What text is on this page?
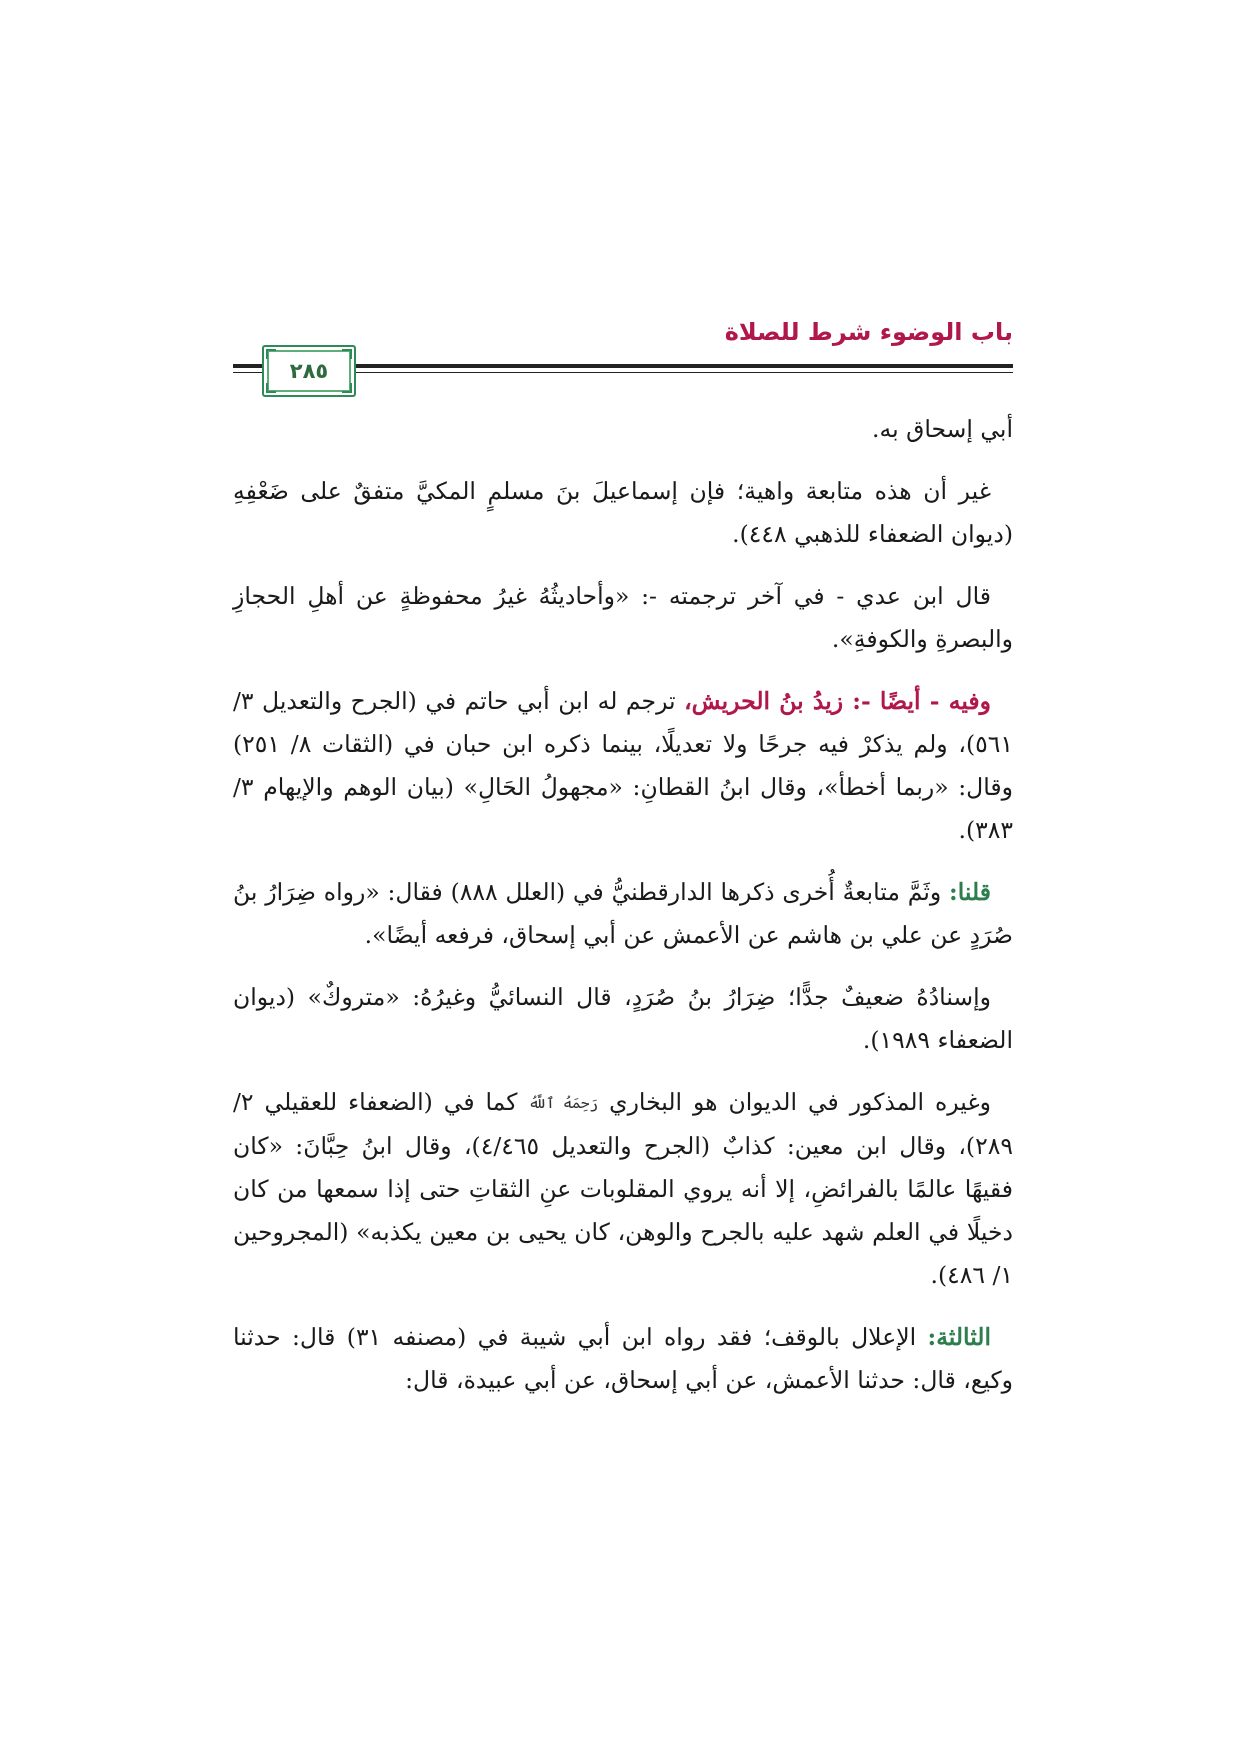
باب الوضوء شرط للصلاة
٢٨٥

أبي إسحاق به.

غير أن هذه متابعة واهية؛ فإن إسماعيلَ بنَ مسلمٍ المكيَّ متفقٌ على ضَعْفِهِ (ديوان الضعفاء للذهبي ٤٤٨).

قال ابن عدي - في آخر ترجمته -: «وأحاديثُهُ غيرُ محفوظةٍ عن أهلِ الحجازِ والبصرةِ والكوفةِ».

وفيه - أيضًا -: زيدُ بنُ الحريش، ترجم له ابن أبي حاتم في (الجرح والتعديل ٣/ ٥٦١)، ولم يذكرْ فيه جرحًا ولا تعديلًا، بينما ذكره ابن حبان في (الثقات ٨/ ٢٥١) وقال: «ربما أخطأ»، وقال ابنُ القطانِ: «مجهولُ الحَالِ» (بيان الوهم والإيهام ٣/ ٣٨٣).

قلنا: وثَمَّ متابعةٌ أُخرى ذكرها الدارقطنيُّ في (العلل ٨٨٨) فقال: «رواه ضِرَارُ بنُ صُرَدٍ عن علي بن هاشم عن الأعمش عن أبي إسحاق، فرفعه أيضًا».

وإسنادُهُ ضعيفٌ جدًّا؛ ضِرَارُ بنُ صُرَدٍ، قال النسائيُّ وغيرُهُ: «متروكٌ» (ديوان الضعفاء ١٩٨٩).

وغيره المذكور في الديوان هو البخاري رَحِمَهُ ٱللَّهُ كما في (الضعفاء للعقيلي ٢/ ٢٨٩)، وقال ابن معين: كذابٌ (الجرح والتعديل ٤/٤٦٥)، وقال ابنُ حِبَّانَ: «كان فقيهًا عالمًا بالفرائضِ، إلا أنه يروي المقلوبات عنِ الثقاتِ حتى إذا سمعها من كان دخيلًا في العلم شهد عليه بالجرح والوهن، كان يحيى بن معين يكذبه» (المجروحين ١/ ٤٨٦).

الثالثة: الإعلال بالوقف؛ فقد رواه ابن أبي شيبة في (مصنفه ٣١) قال: حدثنا وكيع، قال: حدثنا الأعمش، عن أبي إسحاق، عن أبي عبيدة، قال:
